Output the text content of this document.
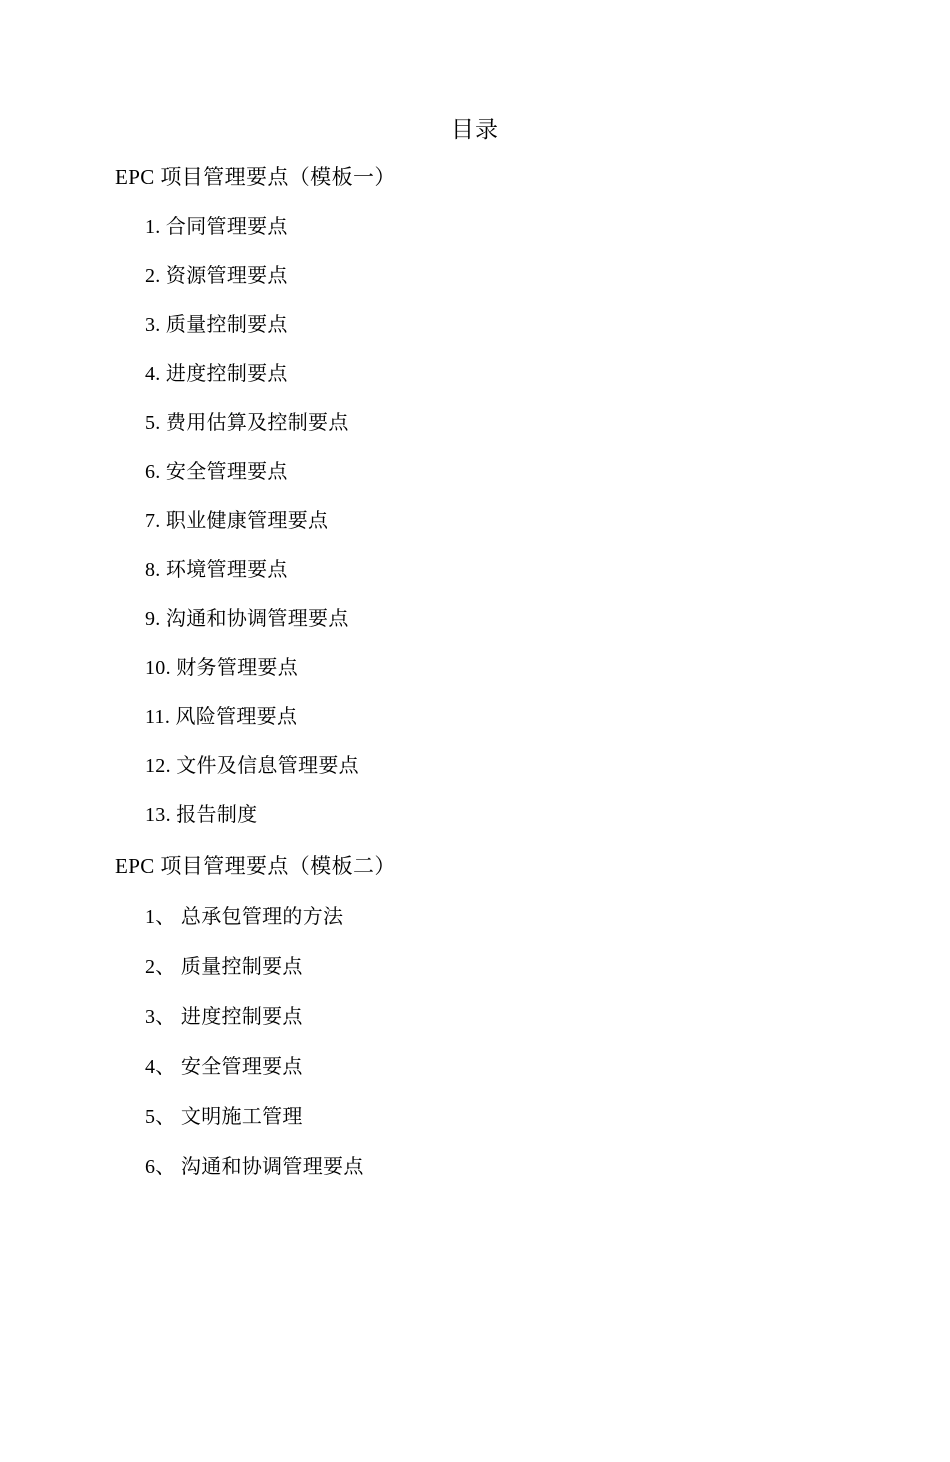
目录
EPC 项目管理要点（模板一）
1. 合同管理要点
2. 资源管理要点
3. 质量控制要点
4. 进度控制要点
5. 费用估算及控制要点
6. 安全管理要点
7. 职业健康管理要点
8. 环境管理要点
9. 沟通和协调管理要点
10. 财务管理要点
11. 风险管理要点
12. 文件及信息管理要点
13. 报告制度
EPC 项目管理要点（模板二）
1、 总承包管理的方法
2、 质量控制要点
3、 进度控制要点
4、 安全管理要点
5、 文明施工管理
6、 沟通和协调管理要点
